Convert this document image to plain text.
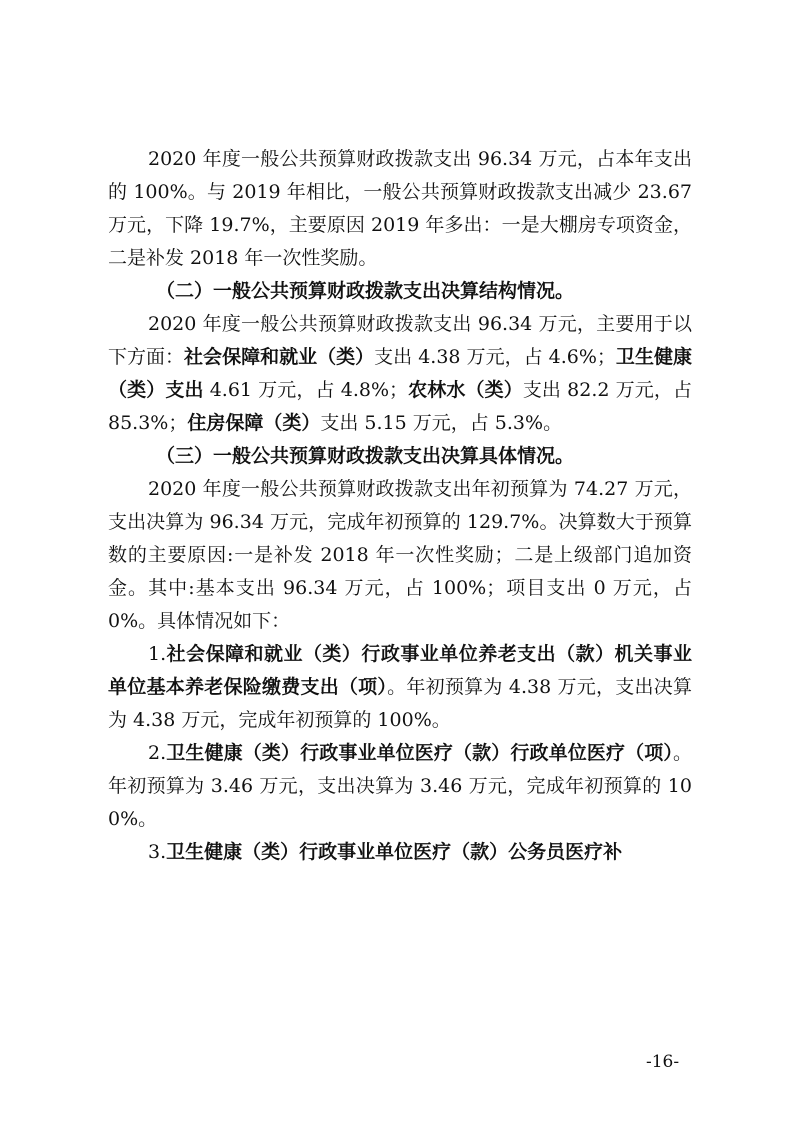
2020 年度一般公共预算财政拨款支出 96.34 万元，占本年支出的 100%。与 2019 年相比，一般公共预算财政拨款支出减少 23.67 万元，下降 19.7%，主要原因 2019 年多出：一是大棚房专项资金， 二是补发 2018 年一次性奖励。

（二）一般公共预算财政拨款支出决算结构情况。

2020 年度一般公共预算财政拨款支出 96.34 万元，主要用于以下方面：社会保障和就业（类）支出 4.38 万元，占 4.6%；卫生健康（类）支出 4.61 万元，占 4.8%；农林水（类）支出 82.2 万元，占 85.3%；住房保障（类）支出 5.15 万元，占 5.3%。

（三）一般公共预算财政拨款支出决算具体情况。

2020 年度一般公共预算财政拨款支出年初预算为 74.27 万元，支出决算为 96.34 万元，完成年初预算的 129.7%。决算数大于预算数的主要原因:一是补发 2018 年一次性奖励；二是上级部门追加资金。其中:基本支出 96.34 万元，占 100%；项目支出 0 万元，占 0%。具体情况如下：

1.社会保障和就业（类）行政事业单位养老支出（款）机关事业单位基本养老保险缴费支出（项）。年初预算为 4.38 万元，支出决算为 4.38 万元，完成年初预算的 100%。

2.卫生健康（类）行政事业单位医疗（款）行政单位医疗（项）。年初预算为 3.46 万元，支出决算为 3.46 万元，完成年初预算的 100%。

3.卫生健康（类）行政事业单位医疗（款）公务员医疗补

-16-
